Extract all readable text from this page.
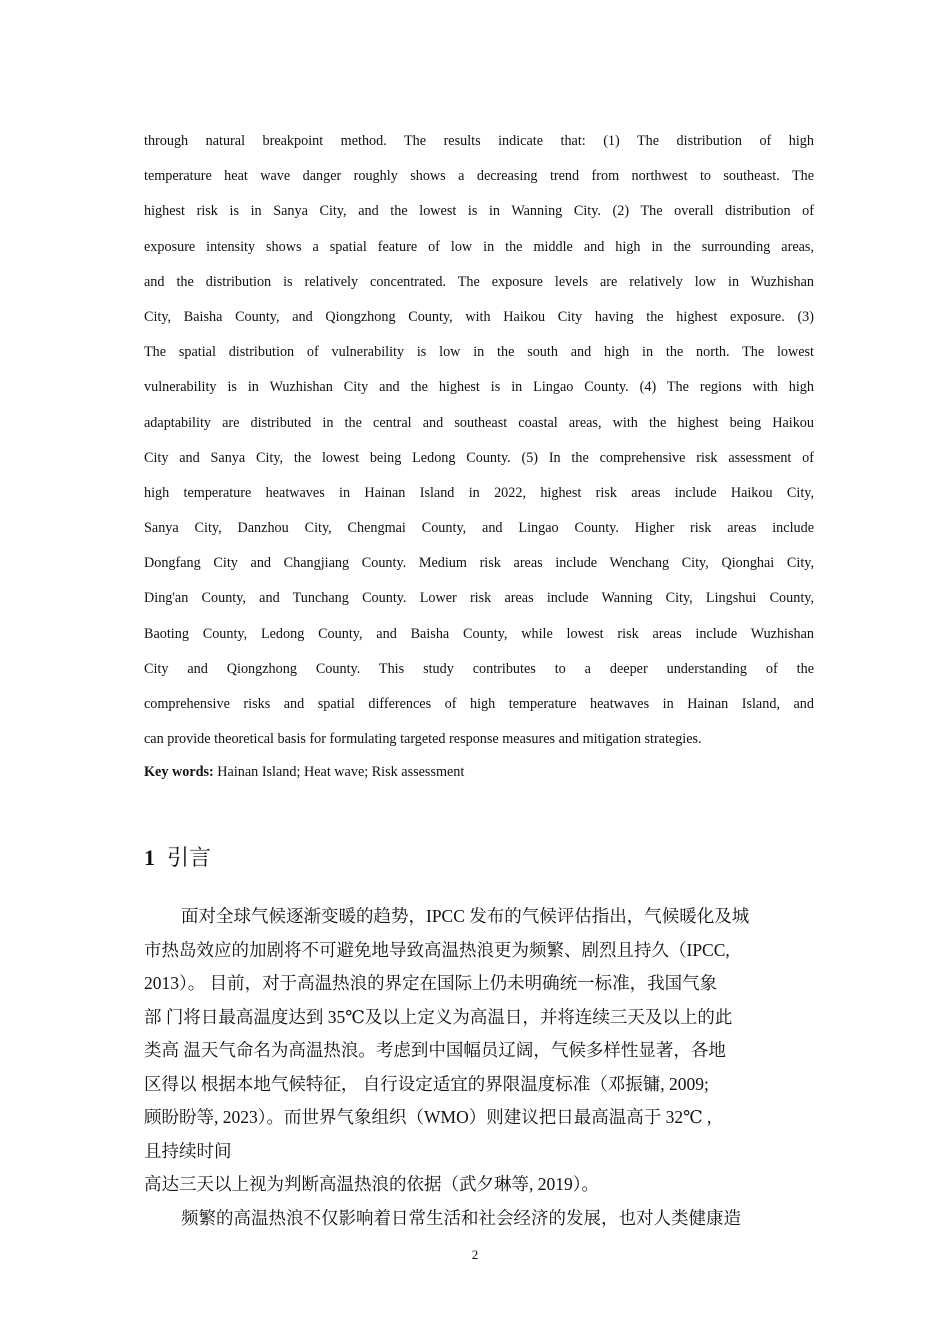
through natural breakpoint method. The results indicate that: (1) The distribution of high
temperature heat wave danger roughly shows a decreasing trend from northwest to southeast. The
highest risk is in Sanya City, and the lowest is in Wanning City. (2) The overall distribution of
exposure intensity shows a spatial feature of low in the middle and high in the surrounding areas,
and the distribution is relatively concentrated. The exposure levels are relatively low in Wuzhishan
City, Baisha County, and Qiongzhong County, with Haikou City having the highest exposure. (3)
The spatial distribution of vulnerability is low in the south and high in the north. The lowest
vulnerability is in Wuzhishan City and the highest is in Lingao County. (4) The regions with high
adaptability are distributed in the central and southeast coastal areas, with the highest being Haikou
City and Sanya City, the lowest being Ledong County. (5) In the comprehensive risk assessment of
high temperature heatwaves in Hainan Island in 2022, highest risk areas include Haikou City,
Sanya City, Danzhou City, Chengmai County, and Lingao County. Higher risk areas include
Dongfang City and Changjiang County. Medium risk areas include Wenchang City, Qionghai City,
Ding'an County, and Tunchang County. Lower risk areas include Wanning City, Lingshui County,
Baoting County, Ledong County, and Baisha County, while lowest risk areas include Wuzhishan
City and Qiongzhong County. This study contributes to a deeper understanding of the
comprehensive risks and spatial differences of high temperature heatwaves in Hainan Island, and
can provide theoretical basis for formulating targeted response measures and mitigation strategies.

Key words: Hainan Island; Heat wave; Risk assessment

1 引言
面对全球气候逐渐变暖的趋势，IPCC 发布的气候评估指出，气候暖化及城
市热岛效应的加剧将不可避免地导致高温热浪更为频繁、剧烈且持久（IPCC,
2013）。 目前，对于高温热浪的界定在国际上仍未明确统一标准，我国气象
部 门将日最高温度达到 35℃及以上定义为高温日，并将连续三天及以上的此
类高 温天气命名为高温热浪。考虑到中国幅员辽阔，气候多样性显著，各地
区得以 根据本地气候特征， 自行设定适宜的界限温度标准（邓振镛, 2009;
顾盼盼等, 2023）。而世界气象组织（WMO）则建议把日最高温高于 32℃ ,
且持续时间
高达三天以上视为判断高温热浪的依据（武夕琳等, 2019）。
频繁的高温热浪不仅影响着日常生活和社会经济的发展，也对人类健康造

2
